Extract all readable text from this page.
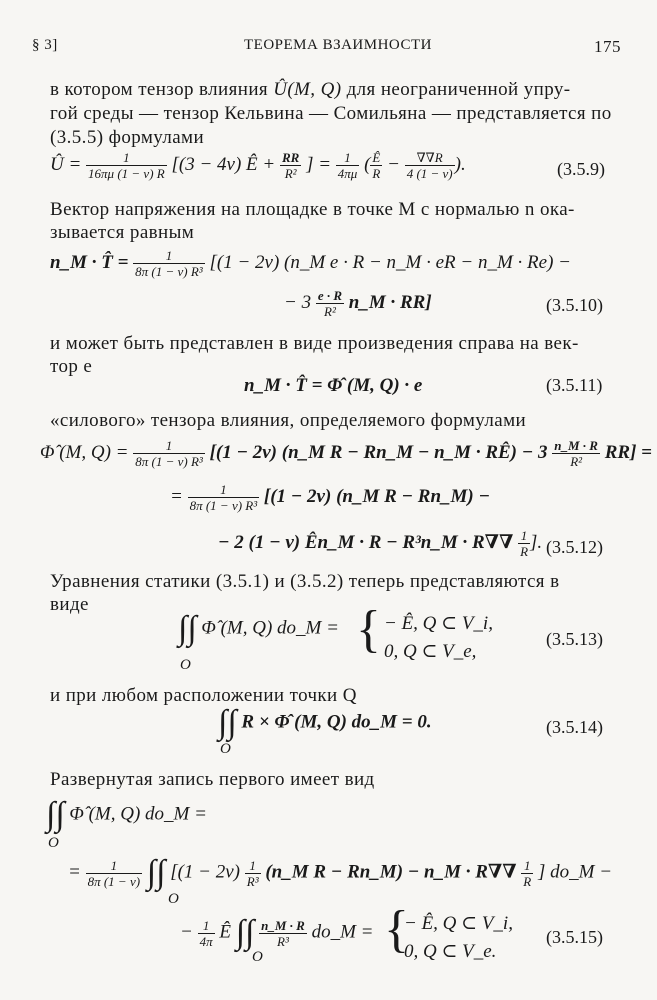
§ 3]	ТЕОРЕМА ВЗАИМНОСТИ	175
в котором тензор влияния Û(M, Q) для неограниченной упру-
гой среды — тензор Кельвина — Сомильяна — представляется по
(3.5.5) формулами
Û = $\frac{1}{16\pi\mu (1 - \nu) R} [(3 - 4\nu)$ Ê + $\frac{RR}{\text{R²}}$ ] = $\frac{1}{4\pi\mu}$ ( $\frac{Ê}{R} - \frac{\nabla\nabla R}{4 (1 - \nu)}$ ).	(3.5.9)
Вектор напряжения на площадке в точке M с нормалью n ока-
зывается равным
n_M · T̂ = $\frac{1}{\text{8π (1 − ν) R³}} [(1 - 2\nu)$ (n_M e · R − n_M · eR − n_M · Re) −
− $3 \frac{e \cdot R}{\text{R²}}$ n_M · RR]	(3.5.10)
и может быть представлен в виде произведения справа на век-
тор e
n_M · T̂ = Φ̂ (M, Q) · e	(3.5.11)
«силового» тензора влияния, определяемого формулами
Φ̂ (M, $Q) = \frac{1}{\text{8π (1 − ν) R³}} [(1 - 2\nu)$ (n_M R − Rn_M − n_M · RÊ) − $3 \frac{n\_M \cdot R}{\text{R²}} RR$] =
= $\frac{1}{\text{8π (1 − ν) R³}} [(1 - 2\nu)$ (n_M R − Rn_M) −
− 2 (1 − ν) Ên_M · R − R³n_M · $R\nabla\nabla \frac{1}{R}$ ]. (3.5.12)
Уравнения статики (3.5.1) и (3.5.2) теперь представляются в
виде
∫∫ Φ̂ (M, Q) do_M =
O
{ − Ê, Q ⊂ V_i,
0, Q ⊂ V_e,
(3.5.13)
и при любом расположении точки Q
∫∫ R × Φ̂ (M, Q) do_M = 0.
O
(3.5.14)
Развернутая запись первого имеет вид
∫∫ Φ̂ (M, Q) do_M =
O
= $\frac{1}{8\pi (1 - \nu)}$ ∫∫ [$(1 - 2\nu) \frac{1}{\text{R³}}$ (n_M R − Rn_M) − n_M · $R\nabla\nabla \frac{1}{R}$ ] do_M −
O
− $\frac{1}{4\pi}$ Ê ∫∫ $\frac{n\_M \cdot R}{\text{R³}}$ do_M =
O {
− Ê, Q ⊂ V_i,
0, Q ⊂ V_e.
(3.5.15)
